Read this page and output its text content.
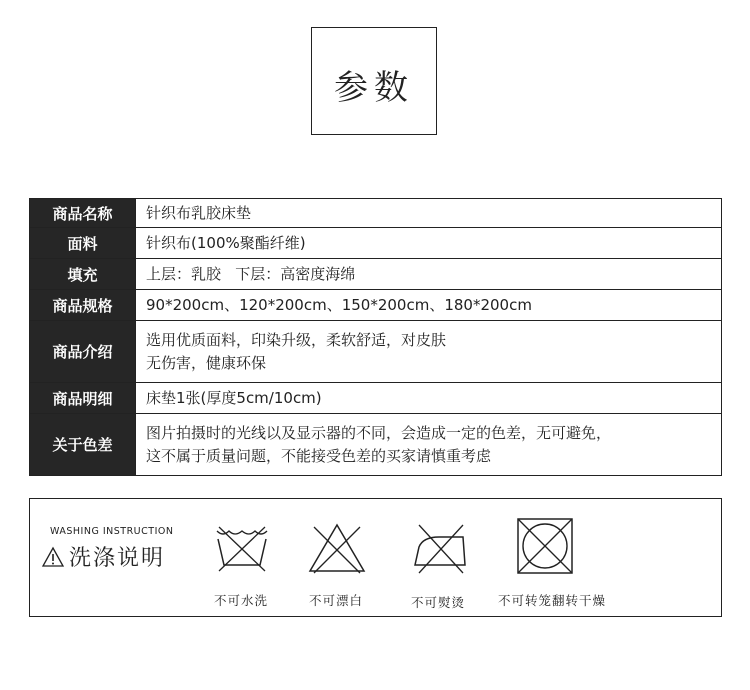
参数
商品名称	针织布乳胶床垫

面料	针织布(100%聚酯纤维)

填充	上层：乳胶   下层：高密度海绵

商品规格	90*200cm、120*200cm、150*200cm、180*200cm

商品介绍	选用优质面料，印染升级，柔软舒适，对皮肤
无伤害，健康环保

商品明细	床垫1张(厚度5cm/10cm)

关于色差	图片拍摄时的光线以及显示器的不同，会造成一定的色差，无可避免，
这不属于质量问题，不能接受色差的买家请慎重考虑
WASHING INSTRUCTION
洗涤说明
不可水洗	不可漂白	不可熨烫	不可转笼翻转干燥
